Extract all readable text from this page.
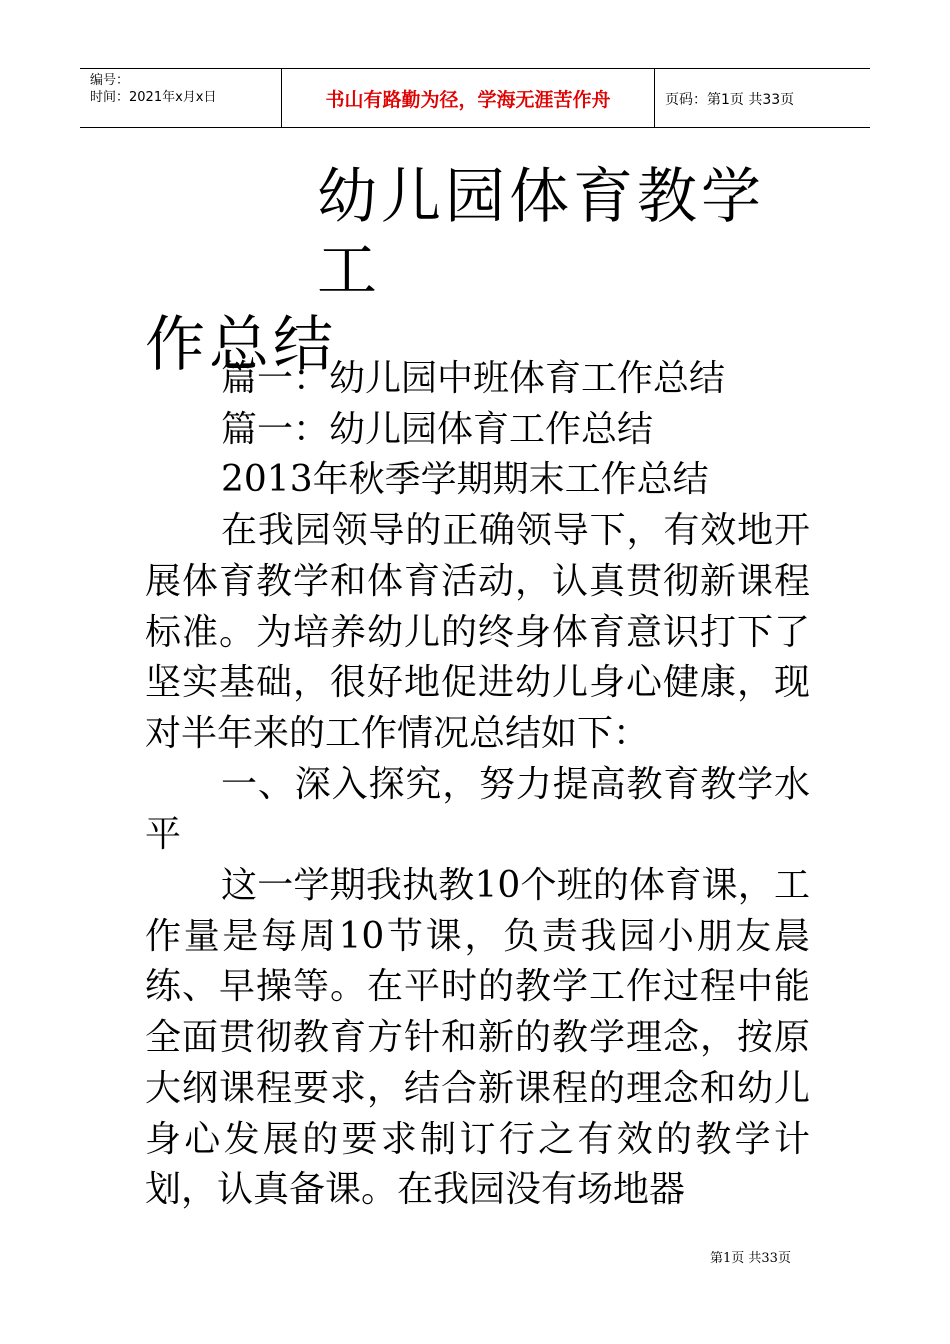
编号：
时间：2021年x月x日	书山有路勤为径，学海无涯苦作舟	页码：第1页 共33页
幼儿园体育教学工
作总结
篇一：幼儿园中班体育工作总结
篇一：幼儿园体育工作总结
2013年秋季学期期末工作总结
在我园领导的正确领导下，有效地开展体育教学和体育活动，认真贯彻新课程标准。为培养幼儿的终身体育意识打下了坚实基础，很好地促进幼儿身心健康，现对半年来的工作情况总结如下：
一、深入探究，努力提高教育教学水平
这一学期我执教10个班的体育课，工作量是每周10节课，负责我园小朋友晨练、早操等。在平时的教学工作过程中能全面贯彻教育方针和新的教学理念，按原大纲课程要求，结合新课程的理念和幼儿身心发展的要求制订行之有效的教学计划，认真备课。在我园没有场地器
第1页 共33页
